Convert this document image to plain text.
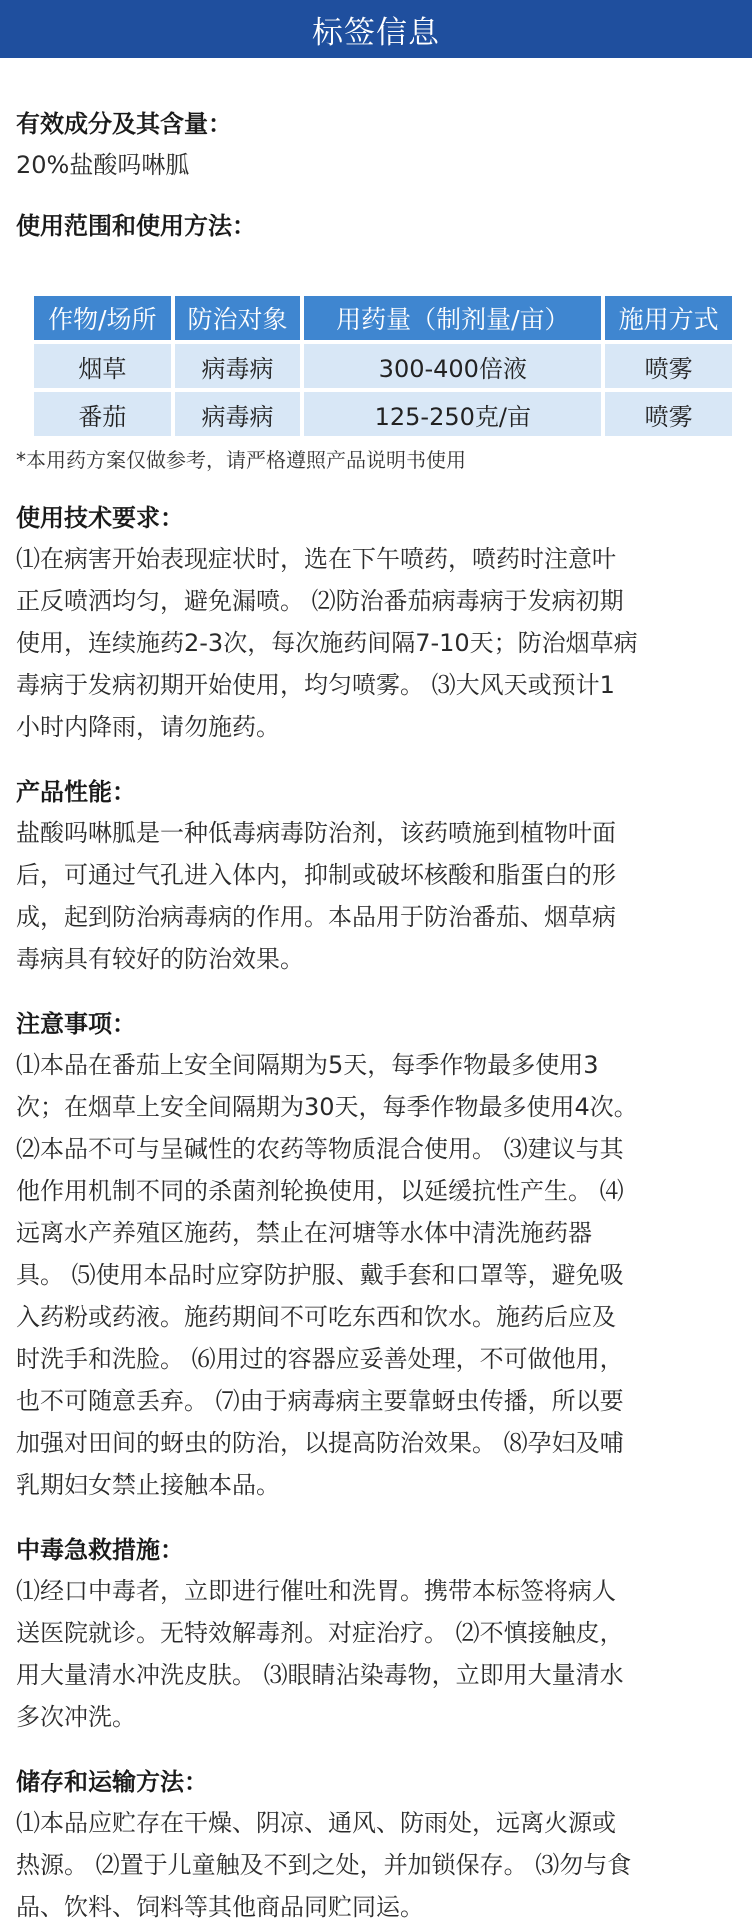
标签信息
有效成分及其含量：
20%盐酸吗啉胍
使用范围和使用方法：
作物/场所	防治对象	用药量（制剂量/亩）	施用方式
烟草	病毒病	300-400倍液	喷雾
番茄	病毒病	125-250克/亩	喷雾
*本用药方案仅做参考，请严格遵照产品说明书使用
使用技术要求：
⑴在病害开始表现症状时，选在下午喷药，喷药时注意叶
正反喷洒均匀，避免漏喷。 ⑵防治番茄病毒病于发病初期
使用，连续施药2-3次，每次施药间隔7-10天；防治烟草病
毒病于发病初期开始使用，均匀喷雾。 ⑶大风天或预计1
小时内降雨，请勿施药。
产品性能：
盐酸吗啉胍是一种低毒病毒防治剂，该药喷施到植物叶面
后，可通过气孔进入体内，抑制或破坏核酸和脂蛋白的形
成，起到防治病毒病的作用。本品用于防治番茄、烟草病
毒病具有较好的防治效果。
注意事项：
⑴本品在番茄上安全间隔期为5天，每季作物最多使用3
次；在烟草上安全间隔期为30天，每季作物最多使用4次。
⑵本品不可与呈碱性的农药等物质混合使用。 ⑶建议与其
他作用机制不同的杀菌剂轮换使用，以延缓抗性产生。 ⑷
远离水产养殖区施药，禁止在河塘等水体中清洗施药器
具。 ⑸使用本品时应穿防护服、戴手套和口罩等，避免吸
入药粉或药液。施药期间不可吃东西和饮水。施药后应及
时洗手和洗脸。 ⑹用过的容器应妥善处理，不可做他用，
也不可随意丢弃。 ⑺由于病毒病主要靠蚜虫传播，所以要
加强对田间的蚜虫的防治，以提高防治效果。 ⑻孕妇及哺
乳期妇女禁止接触本品。
中毒急救措施：
⑴经口中毒者，立即进行催吐和洗胃。携带本标签将病人
送医院就诊。无特效解毒剂。对症治疗。 ⑵不慎接触皮，
用大量清水冲洗皮肤。 ⑶眼睛沾染毒物，立即用大量清水
多次冲洗。
储存和运输方法：
⑴本品应贮存在干燥、阴凉、通风、防雨处，远离火源或
热源。 ⑵置于儿童触及不到之处，并加锁保存。 ⑶勿与食
品、饮料、饲料等其他商品同贮同运。
